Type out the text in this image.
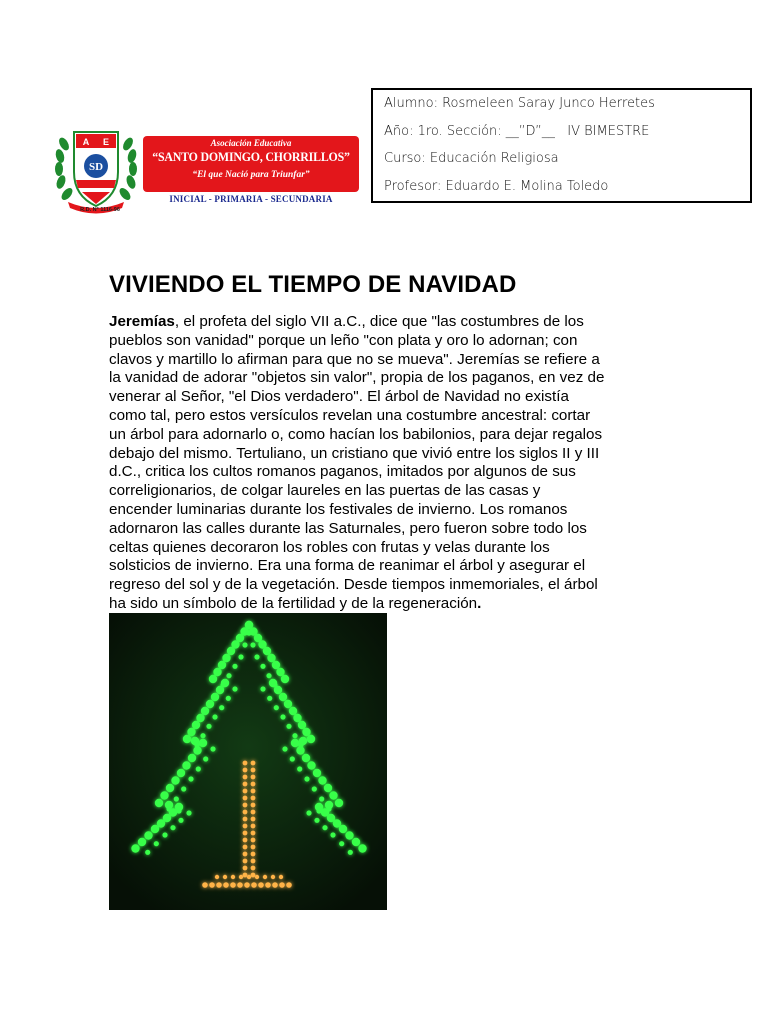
A E
SD
R.D. N° 1116-96
Asociación Educativa
“SANTO DOMINGO, CHORRILLOS”
“El que Nació para Triunfar”
INICIAL - PRIMARIA - SECUNDARIA
Alumno: Rosmeleen Saray Junco Herretes
Año: 1ro. Sección: __”D”__   IV BIMESTRE
Curso: Educación Religiosa
Profesor: Eduardo E. Molina Toledo
VIVIENDO EL TIEMPO DE NAVIDAD

Jeremías, el profeta del siglo VII a.C., dice que "las costumbres de los
pueblos son vanidad" porque un leño "con plata y oro lo adornan; con
clavos y martillo lo afirman para que no se mueva". Jeremías se refiere a
la vanidad de adorar "objetos sin valor", propia de los paganos, en vez de
venerar al Señor, "el Dios verdadero". El árbol de Navidad no existía
como tal, pero estos versículos revelan una costumbre ancestral: cortar
un árbol para adornarlo o, como hacían los babilonios, para dejar regalos
debajo del mismo. Tertuliano, un cristiano que vivió entre los siglos II y III
d.C., critica los cultos romanos paganos, imitados por algunos de sus
correligionarios, de colgar laureles en las puertas de las casas y
encender luminarias durante los festivales de invierno. Los romanos
adornaron las calles durante las Saturnales, pero fueron sobre todo los
celtas quienes decoraron los robles con frutas y velas durante los
solsticios de invierno. Era una forma de reanimar el árbol y asegurar el
regreso del sol y de la vegetación. Desde tiempos inmemoriales, el árbol
ha sido un símbolo de la fertilidad y de la regeneración.
